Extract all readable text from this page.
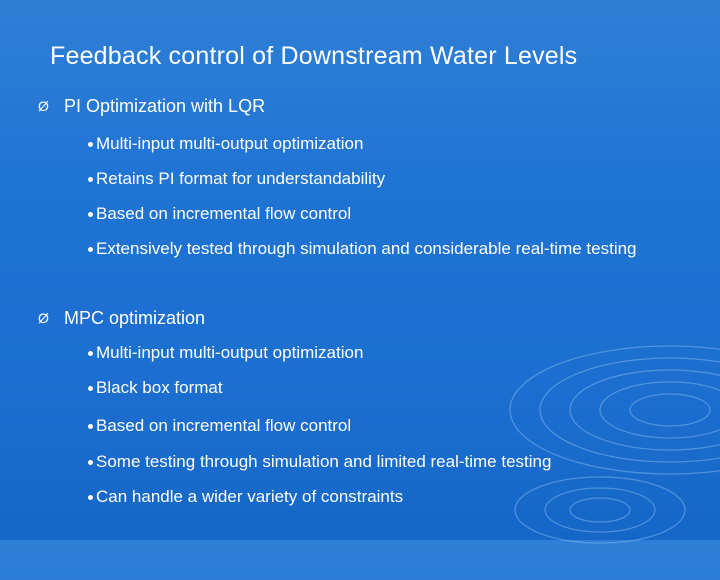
Feedback control of Downstream Water Levels
Ø PI Optimization with LQR
Multi-input multi-output optimization
Retains PI format for understandability
Based on incremental flow control
Extensively tested through simulation and considerable real-time testing
Ø MPC optimization
Multi-input multi-output optimization
Black box format
Based on incremental flow control
Some testing through simulation and limited real-time testing
Can handle a wider variety of constraints
